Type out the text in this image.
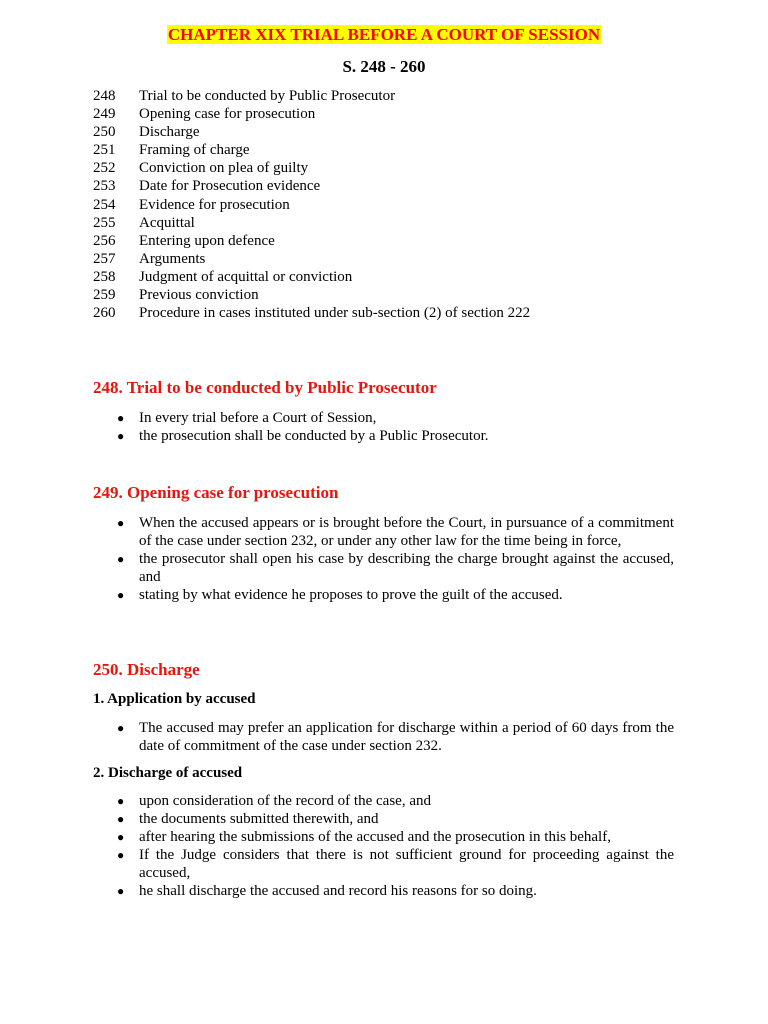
CHAPTER XIX TRIAL BEFORE A COURT OF SESSION
S. 248 - 260
248	Trial to be conducted by Public Prosecutor
249	Opening case for prosecution
250	Discharge
251	Framing of charge
252	Conviction on plea of guilty
253	Date for Prosecution evidence
254	Evidence for prosecution
255	Acquittal
256	Entering upon defence
257	Arguments
258	Judgment of acquittal or conviction
259	Previous conviction
260	Procedure in cases instituted under sub-section (2) of section 222
248. Trial to be conducted by Public Prosecutor
● In every trial before a Court of Session,
● the prosecution shall be conducted by a Public Prosecutor.
249. Opening case for prosecution
● When the accused appears or is brought before the Court, in pursuance of a commitment of the case under section 232, or under any other law for the time being in force,
● the prosecutor shall open his case by describing the charge brought against the accused, and
● stating by what evidence he proposes to prove the guilt of the accused.
250. Discharge
1. Application by accused
● The accused may prefer an application for discharge within a period of 60 days from the date of commitment of the case under section 232.
2. Discharge of accused
● upon consideration of the record of the case, and
● the documents submitted therewith, and
● after hearing the submissions of the accused and the prosecution in this behalf,
● If the Judge considers that there is not sufficient ground for proceeding against the accused,
● he shall discharge the accused and record his reasons for so doing.
